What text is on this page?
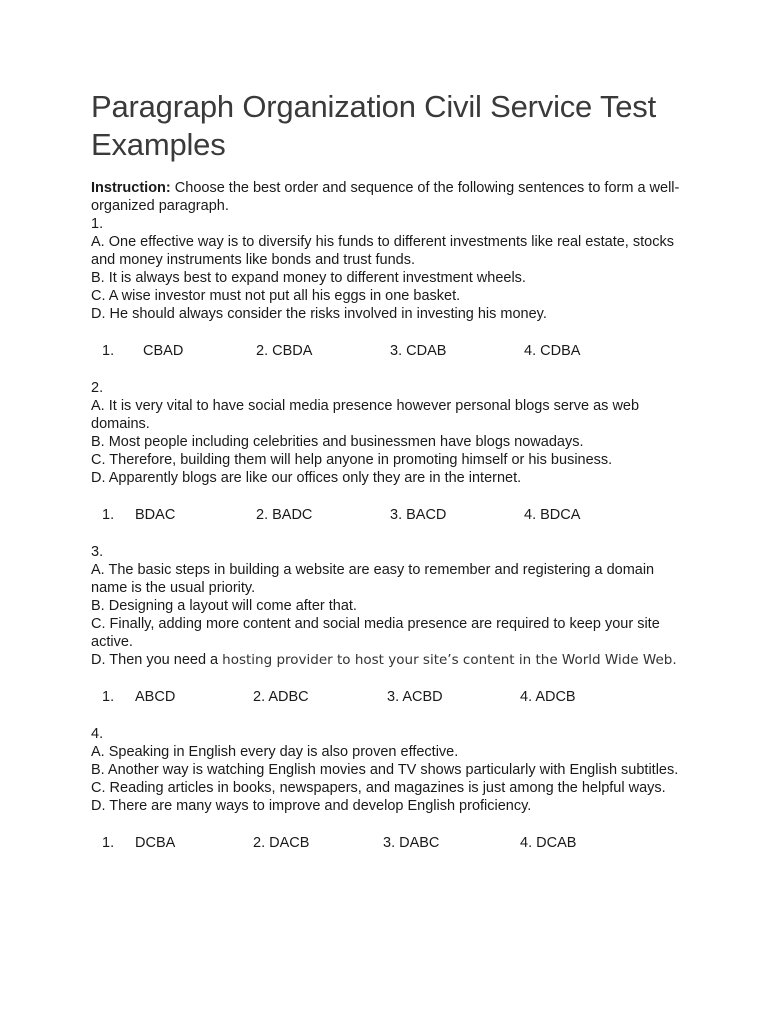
Paragraph Organization Civil Service Test Examples

Instruction: Choose the best order and sequence of the following sentences to form a well-organized paragraph.

1.

A. One effective way is to diversify his funds to different investments like real estate, stocks and money instruments like bonds and trust funds.

B. It is always best to expand money to different investment wheels.

C. A wise investor must not put all his eggs in one basket.

D. He should always consider the risks involved in investing his money.

1. CBAD	2. CBDA	3. CDAB	4. CDBA

2.

A. It is very vital to have social media presence however personal blogs serve as web domains.

B. Most people including celebrities and businessmen have blogs nowadays.

C. Therefore, building them will help anyone in promoting himself or his business.

D. Apparently blogs are like our offices only they are in the internet.

1. BDAC	2. BADC	3. BACD	4. BDCA

3.

A. The basic steps in building a website are easy to remember and registering a domain name is the usual priority.

B. Designing a layout will come after that.

C. Finally, adding more content and social media presence are required to keep your site active.

D. Then you need a hosting provider to host your site’s content in the World Wide Web.

1. ABCD	2. ADBC	3. ACBD	4. ADCB

4.

A. Speaking in English every day is also proven effective.

B. Another way is watching English movies and TV shows particularly with English subtitles.

C. Reading articles in books, newspapers, and magazines is just among the helpful ways.

D. There are many ways to improve and develop English proficiency.

1. DCBA	2. DACB	3. DABC	4. DCAB
